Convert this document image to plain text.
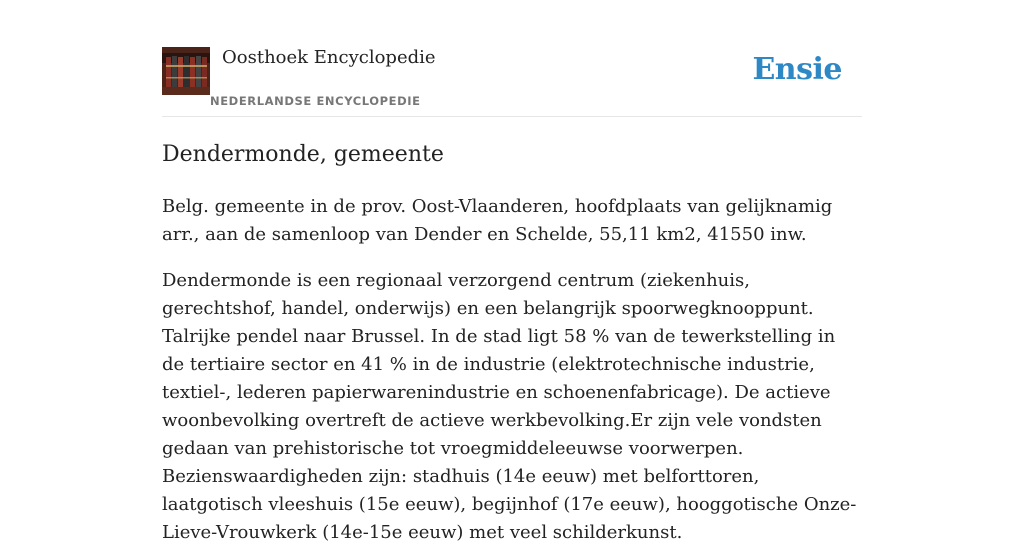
Oosthoek Encyclopedie
NEDERLANDSE ENCYCLOPEDIE
Ensie
Dendermonde, gemeente

Belg. gemeente in de prov. Oost-Vlaanderen, hoofdplaats van gelijknamig arr., aan de samenloop van Dender en Schelde, 55,11 km2, 41550 inw.

Dendermonde is een regionaal verzorgend centrum (ziekenhuis, gerechtshof, handel, onderwijs) en een belangrijk spoorwegknooppunt. Talrijke pendel naar Brussel. In de stad ligt 58 % van de tewerkstelling in de tertiaire sector en 41 % in de industrie (elektrotechnische industrie, textiel-, lederen papierwarenindustrie en schoenenfabricage). De actieve woonbevolking overtreft de actieve werkbevolking.Er zijn vele vondsten gedaan van prehistorische tot vroegmiddeleeuwse voorwerpen. Bezienswaardigheden zijn: stadhuis (14e eeuw) met belforttoren, laatgotisch vleeshuis (15e eeuw), begijnhof (17e eeuw), hooggotische Onze-Lieve-Vrouwkerk (14e-15e eeuw) met veel schilderkunst.
